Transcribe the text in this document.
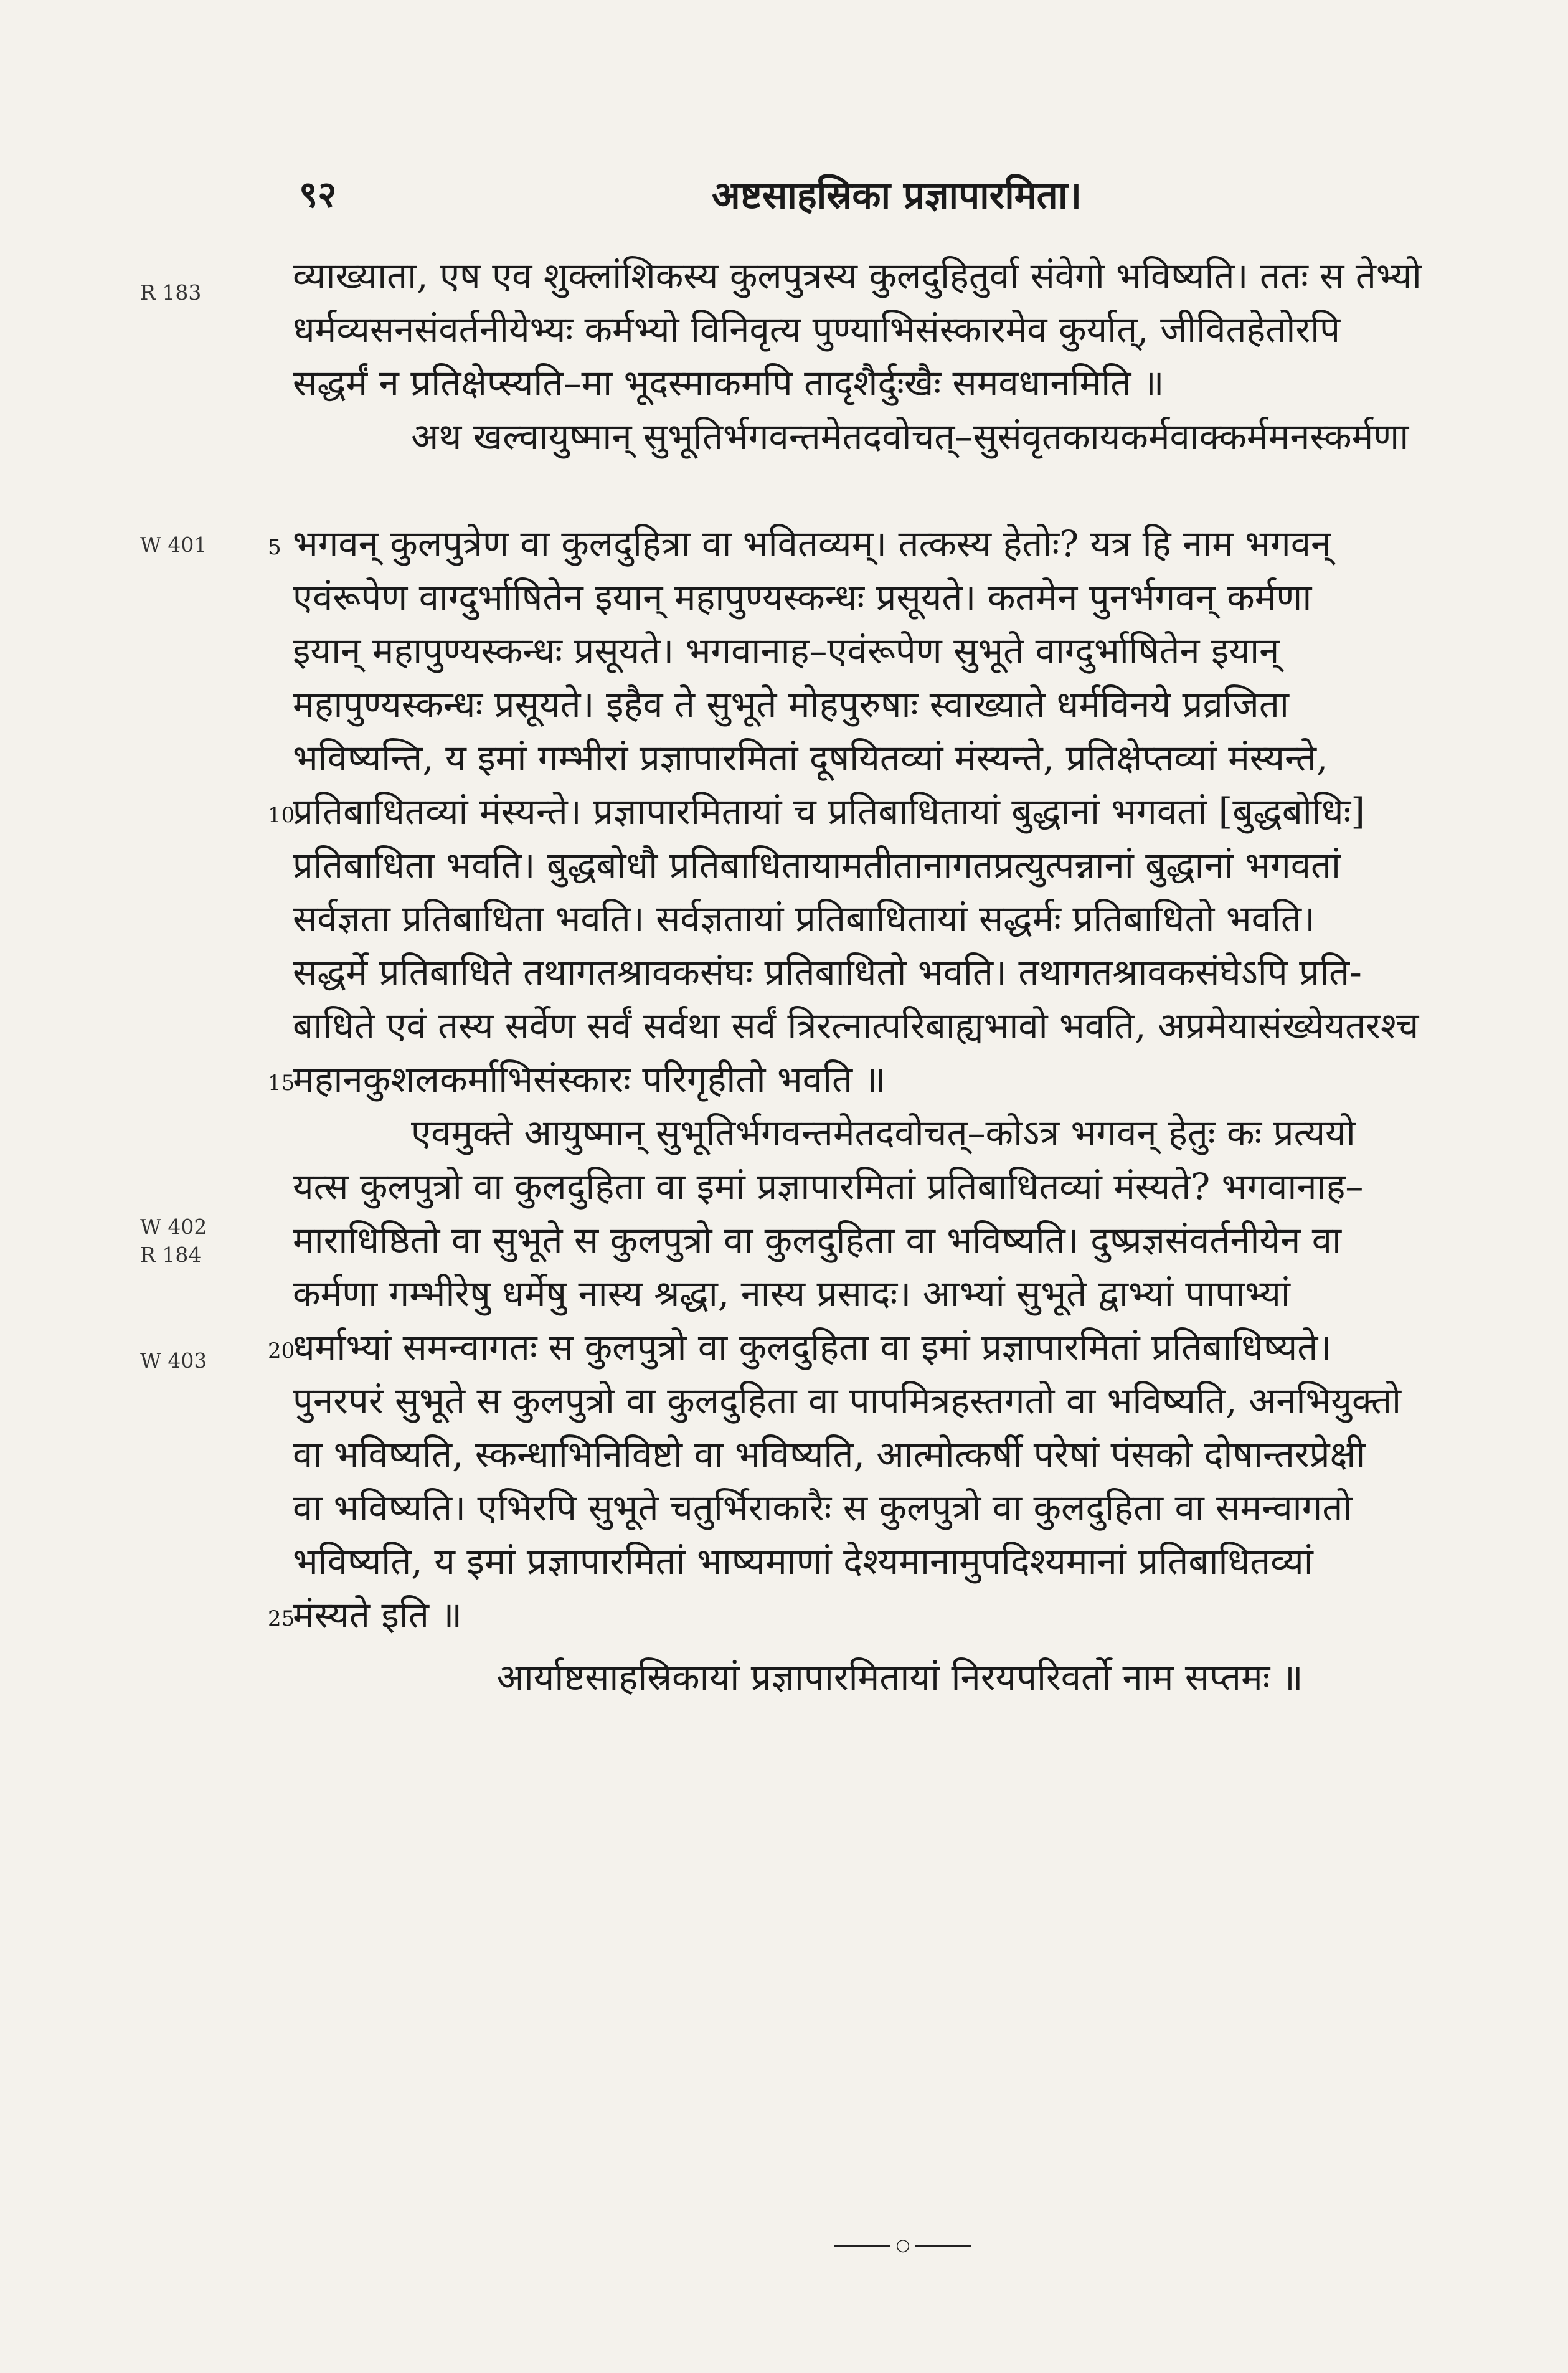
९२	अष्टसाहस्रिका प्रज्ञापारमिता।
R 183
W 401
W 402
R 184
W 403
व्याख्याता, एष एव शुक्लांशिकस्य कुलपुत्रस्य कुलदुहितुर्वा संवेगो भविष्यति। ततः स तेभ्यो
धर्मव्यसनसंवर्तनीयेभ्यः कर्मभ्यो विनिवृत्य पुण्याभिसंस्कारमेव कुर्यात्, जीवितहेतोरपि
सद्धर्मं न प्रतिक्षेप्स्यति–मा भूदस्माकमपि तादृशैर्दुःखैः समवधानमिति ॥
अथ खल्वायुष्मान् सुभूतिर्भगवन्तमेतदवोचत्–सुसंवृतकायकर्मवाक्कर्ममनस्कर्मणा
5 भगवन् कुलपुत्रेण वा कुलदुहित्रा वा भवितव्यम्। तत्कस्य हेतोः? यत्र हि नाम भगवन्
एवंरूपेण वाग्दुर्भाषितेन इयान् महापुण्यस्कन्धः प्रसूयते। कतमेन पुनर्भगवन् कर्मणा
इयान् महापुण्यस्कन्धः प्रसूयते। भगवानाह–एवंरूपेण सुभूते वाग्दुर्भाषितेन इयान्
महापुण्यस्कन्धः प्रसूयते। इहैव ते सुभूते मोहपुरुषाः स्वाख्याते धर्मविनये प्रव्रजिता
भविष्यन्ति, य इमां गम्भीरां प्रज्ञापारमितां दूषयितव्यां मंस्यन्ते, प्रतिक्षेप्तव्यां मंस्यन्ते,
10
प्रतिबाधितव्यां मंस्यन्ते। प्रज्ञापारमितायां च प्रतिबाधितायां बुद्धानां भगवतां [बुद्धबोधिः]
प्रतिबाधिता भवति। बुद्धबोधौ प्रतिबाधितायामतीतानागतप्रत्युत्पन्नानां बुद्धानां भगवतां
सर्वज्ञता प्रतिबाधिता भवति। सर्वज्ञतायां प्रतिबाधितायां सद्धर्मः प्रतिबाधितो भवति।
सद्धर्मे प्रतिबाधिते तथागतश्रावकसंघः प्रतिबाधितो भवति। तथागतश्रावकसंघेऽपि प्रति-
बाधिते एवं तस्य सर्वेण सर्वं सर्वथा सर्वं त्रिरत्नात्परिबाह्यभावो भवति, अप्रमेयासंख्येयतरश्च
15
महानकुशलकर्माभिसंस्कारः परिगृहीतो भवति ॥
एवमुक्ते आयुष्मान् सुभूतिर्भगवन्तमेतदवोचत्–कोऽत्र भगवन् हेतुः कः प्रत्ययो
यत्स कुलपुत्रो वा कुलदुहिता वा इमां प्रज्ञापारमितां प्रतिबाधितव्यां मंस्यते? भगवानाह–
माराधिष्ठितो वा सुभूते स कुलपुत्रो वा कुलदुहिता वा भविष्यति। दुष्प्रज्ञसंवर्तनीयेन वा
कर्मणा गम्भीरेषु धर्मेषु नास्य श्रद्धा, नास्य प्रसादः। आभ्यां सुभूते द्वाभ्यां पापाभ्यां
20
धर्माभ्यां समन्वागतः स कुलपुत्रो वा कुलदुहिता वा इमां प्रज्ञापारमितां प्रतिबाधिष्यते।
पुनरपरं सुभूते स कुलपुत्रो वा कुलदुहिता वा पापमित्रहस्तगतो वा भविष्यति, अनभियुक्तो
वा भविष्यति, स्कन्धाभिनिविष्टो वा भविष्यति, आत्मोत्कर्षी परेषां पंसको दोषान्तरप्रेक्षी
वा भविष्यति। एभिरपि सुभूते चतुर्भिराकारैः स कुलपुत्रो वा कुलदुहिता वा समन्वागतो
भविष्यति, य इमां प्रज्ञापारमितां भाष्यमाणां देश्यमानामुपदिश्यमानां प्रतिबाधितव्यां
25
मंस्यते इति ॥
आर्याष्टसाहस्रिकायां प्रज्ञापारमितायां निरयपरिवर्तो नाम सप्तमः ॥
○
